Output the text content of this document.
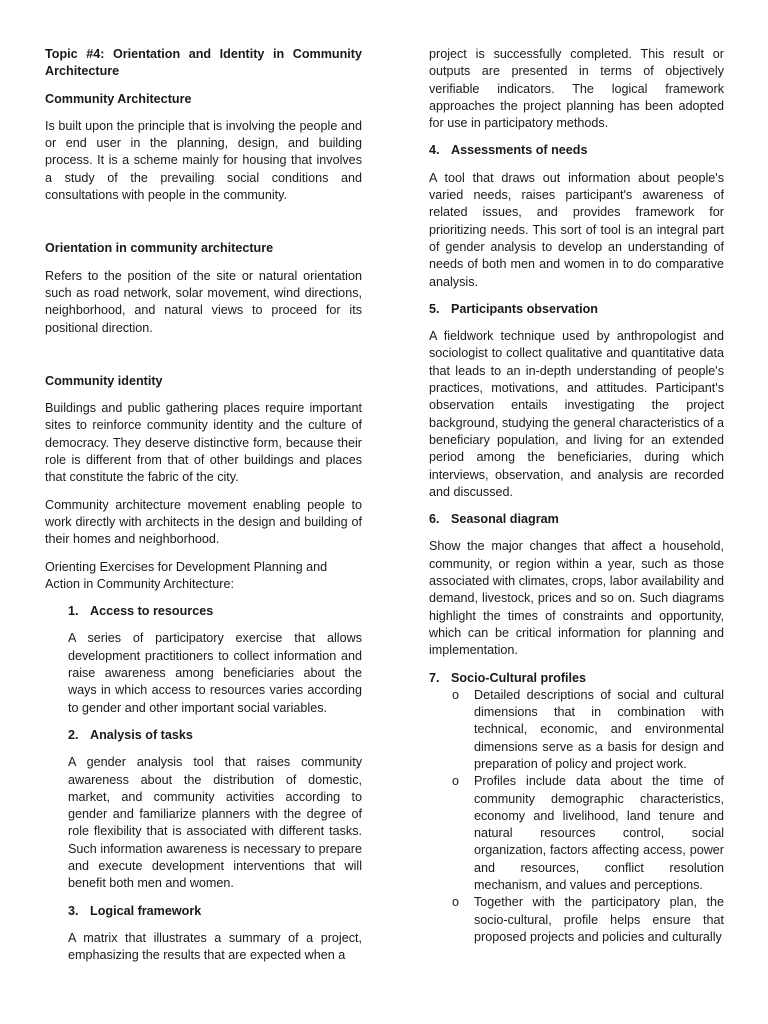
Topic #4: Orientation and Identity in Community Architecture

Community Architecture

Is built upon the principle that is involving the people and or end user in the planning, design, and building process. It is a scheme mainly for housing that involves a study of the prevailing social conditions and consultations with people in the community.

Orientation in community architecture

Refers to the position of the site or natural orientation such as road network, solar movement, wind directions, neighborhood, and natural views to proceed for its positional direction.

Community identity

Buildings and public gathering places require important sites to reinforce community identity and the culture of democracy. They deserve distinctive form, because their role is different from that of other buildings and places that constitute the fabric of the city.

Community architecture movement enabling people to work directly with architects in the design and building of their homes and neighborhood.

Orienting Exercises for Development Planning and Action in Community Architecture:

1. Access to resources

A series of participatory exercise that allows development practitioners to collect information and raise awareness among beneficiaries about the ways in which access to resources varies according to gender and other important social variables.

2. Analysis of tasks

A gender analysis tool that raises community awareness about the distribution of domestic, market, and community activities according to gender and familiarize planners with the degree of role flexibility that is associated with different tasks. Such information awareness is necessary to prepare and execute development interventions that will benefit both men and women.

3. Logical framework

A matrix that illustrates a summary of a project, emphasizing the results that are expected when a

project is successfully completed. This result or outputs are presented in terms of objectively verifiable indicators. The logical framework approaches the project planning has been adopted for use in participatory methods.

4. Assessments of needs

A tool that draws out information about people's varied needs, raises participant's awareness of related issues, and provides framework for prioritizing needs. This sort of tool is an integral part of gender analysis to develop an understanding of needs of both men and women in to do comparative analysis.

5. Participants observation

A fieldwork technique used by anthropologist and sociologist to collect qualitative and quantitative data that leads to an in-depth understanding of people's practices, motivations, and attitudes. Participant's observation entails investigating the project background, studying the general characteristics of a beneficiary population, and living for an extended period among the beneficiaries, during which interviews, observation, and analysis are recorded and discussed.

6. Seasonal diagram

Show the major changes that affect a household, community, or region within a year, such as those associated with climates, crops, labor availability and demand, livestock, prices and so on. Such diagrams highlight the times of constraints and opportunity, which can be critical information for planning and implementation.

7. Socio-Cultural profiles

o Detailed descriptions of social and cultural dimensions that in combination with technical, economic, and environmental dimensions serve as a basis for design and preparation of policy and project work.
o Profiles include data about the time of community demographic characteristics, economy and livelihood, land tenure and natural resources control, social organization, factors affecting access, power and resources, conflict resolution mechanism, and values and perceptions.
o Together with the participatory plan, the socio-cultural, profile helps ensure that proposed projects and policies and culturally
